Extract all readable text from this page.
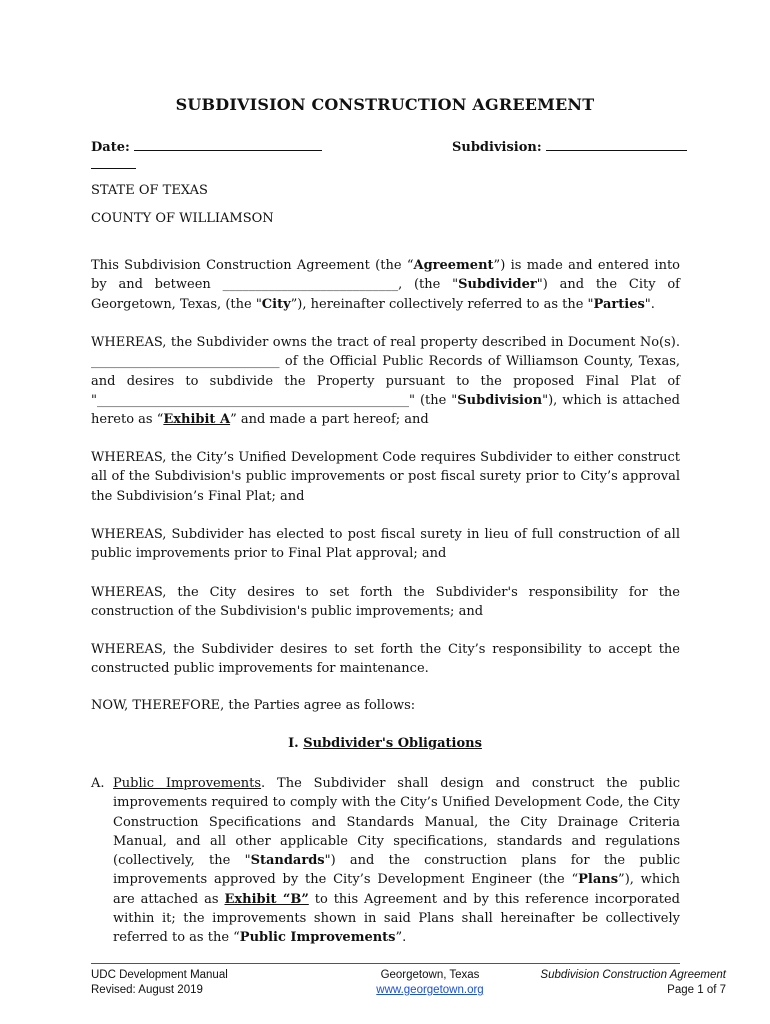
SUBDIVISION CONSTRUCTION AGREEMENT
Date:	Subdivision:
STATE OF TEXAS
COUNTY OF WILLIAMSON
This Subdivision Construction Agreement (the “Agreement”) is made and entered into by and between ___________________________, (the "Subdivider") and the City of Georgetown, Texas, (the "City”), hereinafter collectively referred to as the "Parties".
WHEREAS, the Subdivider owns the tract of real property described in Document No(s). _____________________________ of the Official Public Records of Williamson County, Texas, and desires to subdivide the Property pursuant to the proposed Final Plat of "________________________________________________" (the "Subdivision"), which is attached hereto as “Exhibit A” and made a part hereof; and
WHEREAS, the City’s Unified Development Code requires Subdivider to either construct all of the Subdivision's public improvements or post fiscal surety prior to City’s approval the Subdivision’s Final Plat; and
WHEREAS, Subdivider has elected to post fiscal surety in lieu of full construction of all public improvements prior to Final Plat approval; and
WHEREAS, the City desires to set forth the Subdivider's responsibility for the construction of the Subdivision's public improvements; and
WHEREAS, the Subdivider desires to set forth the City’s responsibility to accept the constructed public improvements for maintenance.
NOW, THEREFORE, the Parties agree as follows:
I. Subdivider's Obligations
A. Public Improvements. The Subdivider shall design and construct the public improvements required to comply with the City’s Unified Development Code, the City Construction Specifications and Standards Manual, the City Drainage Criteria Manual, and all other applicable City specifications, standards and regulations (collectively, the "Standards") and the construction plans for the public improvements approved by the City’s Development Engineer (the “Plans”), which are attached as Exhibit “B” to this Agreement and by this reference incorporated within it; the improvements shown in said Plans shall hereinafter be collectively referred to as the “Public Improvements”.
UDC Development Manual
Revised: August 2019
Georgetown, Texas
www.georgetown.org
Subdivision Construction Agreement
Page 1 of 7
